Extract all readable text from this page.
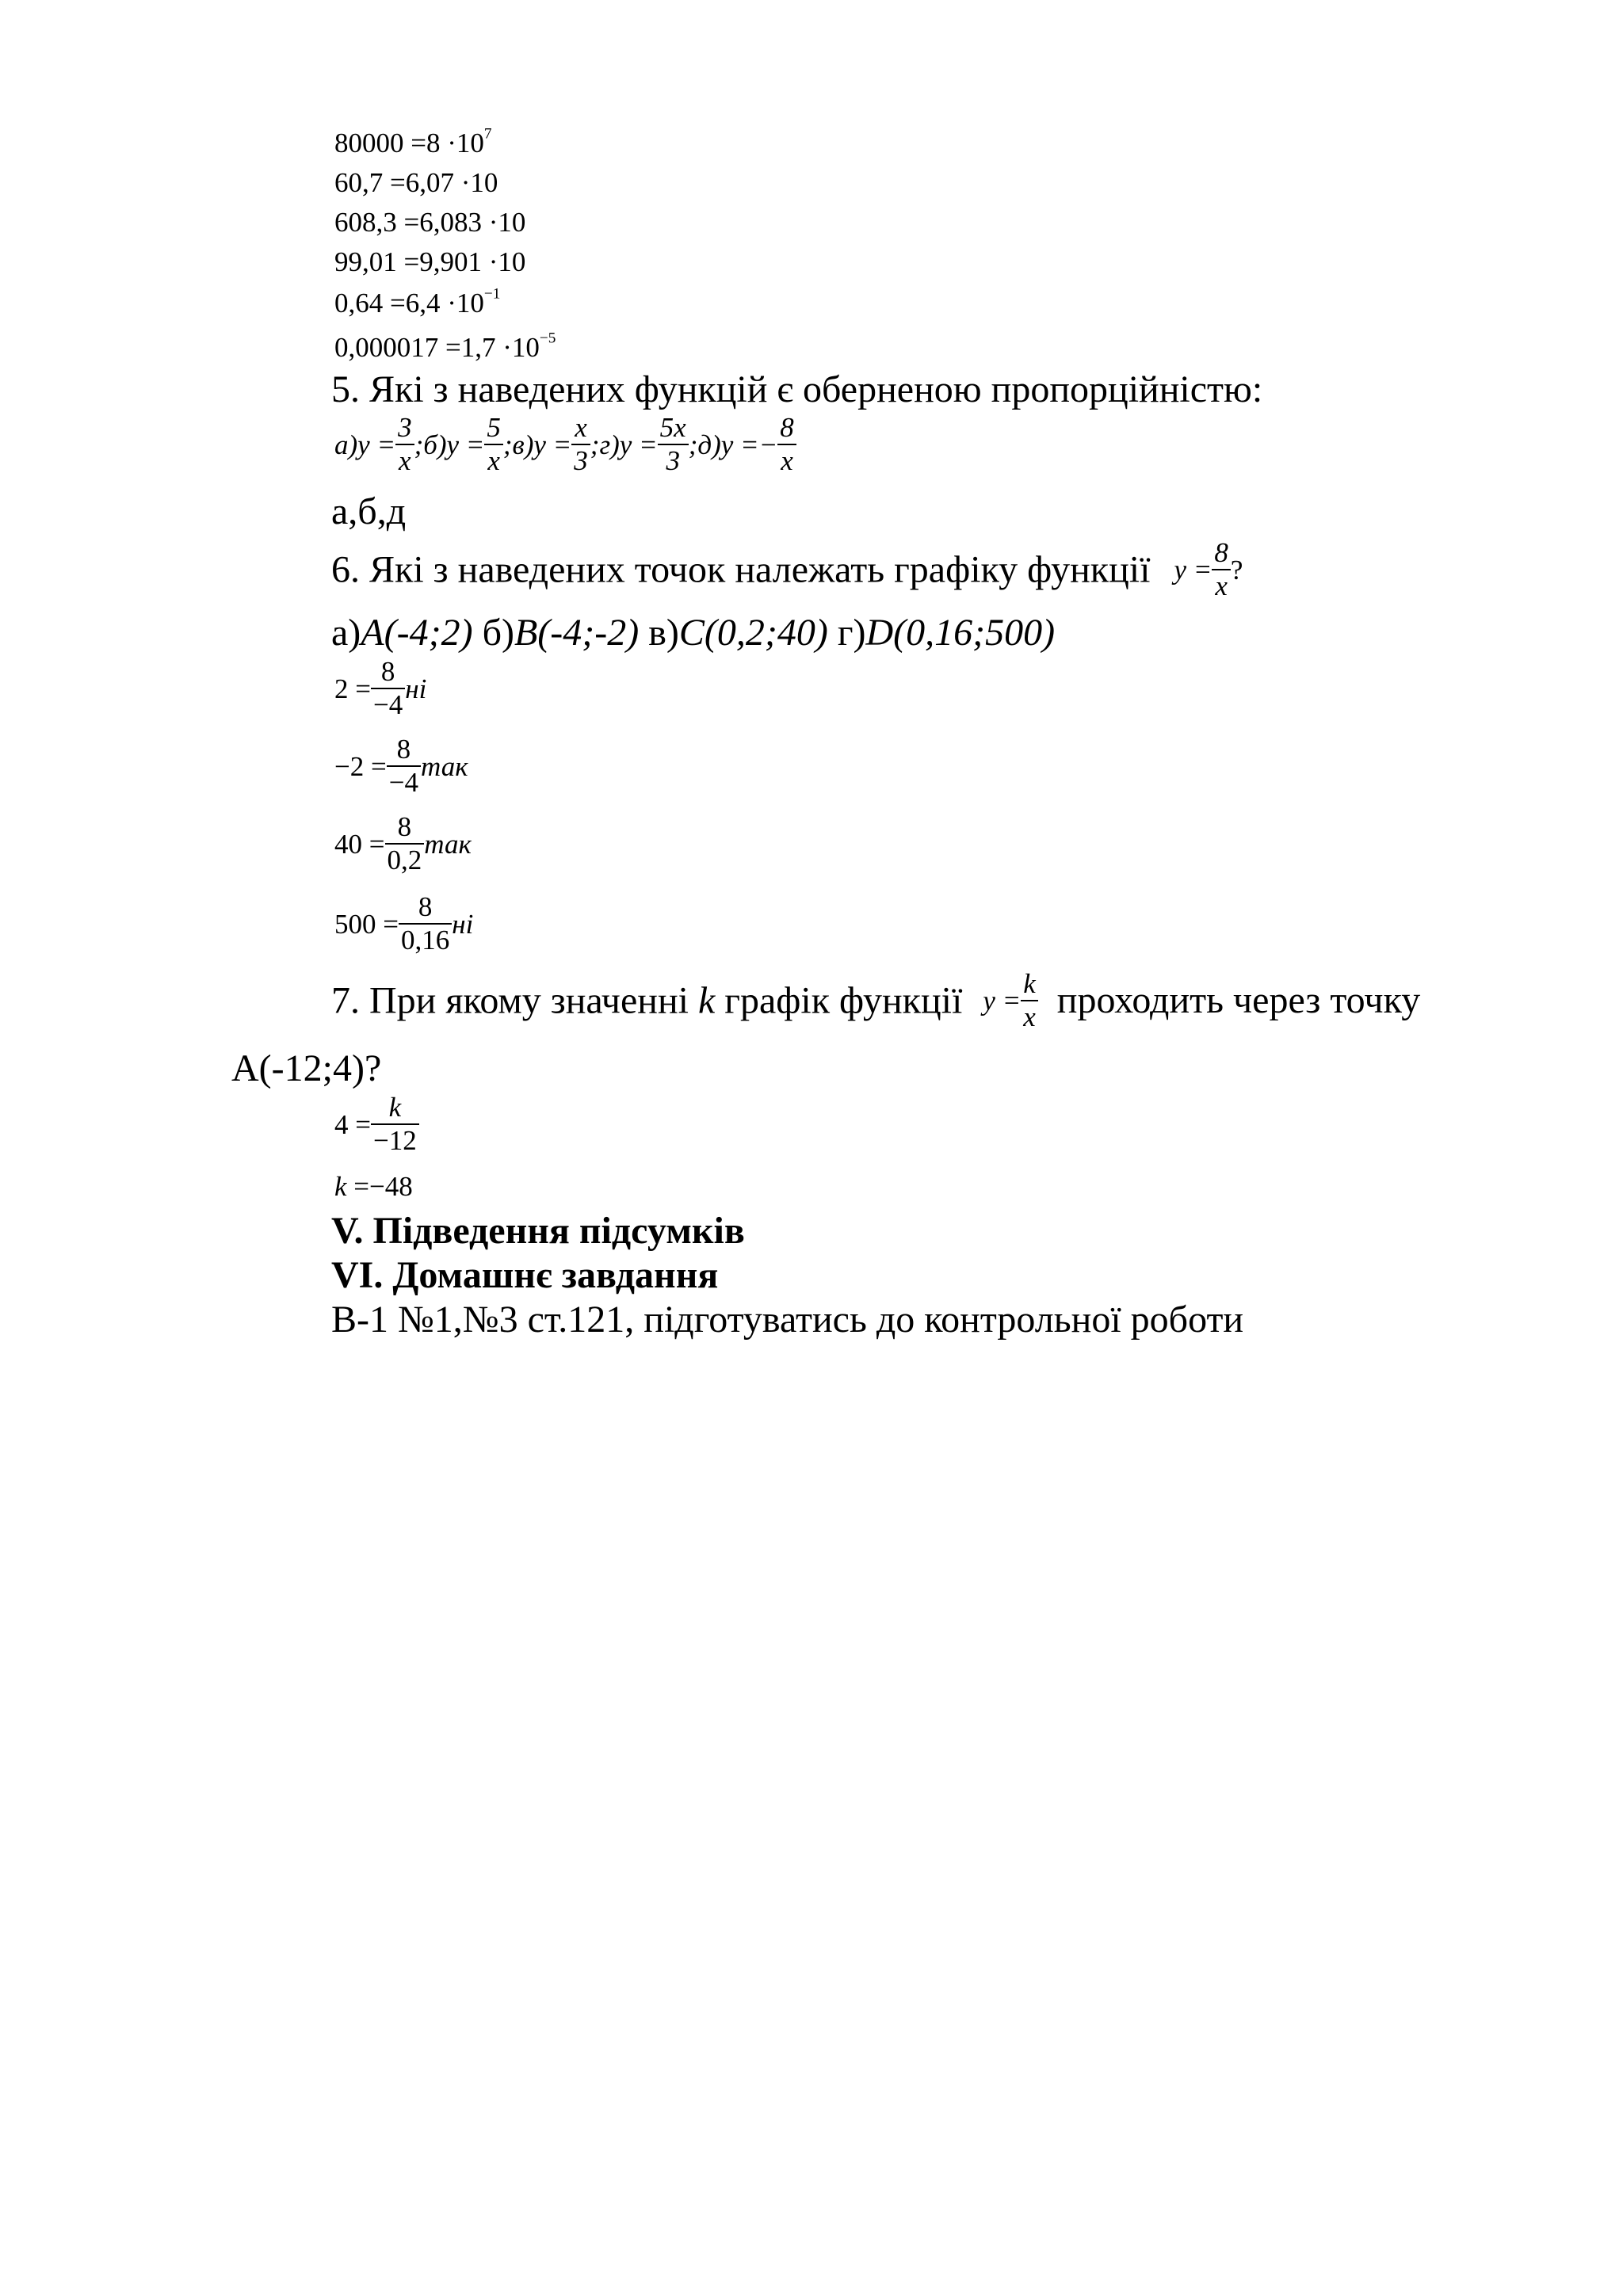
$80000 =8 \cdot 10^7$
60,7 =6,07 ·10
608,3 =6,083 ·10
99,01 =9,901 ·10
$0,64 =6,4 \cdot 10^{-1}$
$0,000017 =1,7 \cdot 10^{-5}$
5. Які з наведених функцій є оберненою пропорційністю:
$а)y = \frac{3}{x}$ ;б)y = $\frac{5}{x}$ ;в)y = $\frac{x}{3}$ ;г)y = $\frac{5x}{3}$ ;д)y =− $\frac{8}{x}$
а,б,д
6. Які з наведених точок належать графіку функції $y = \frac{8}{x}$ ?
а)A(-4;2) б)B(-4;-2) в)C(0,2;40) г)D(0,16;500)
$2 = \frac{8}{-4}$ ні
$-2 = \frac{8}{-4}$ так
$40 = \frac{8}{0,2}$ так
$500 = \frac{8}{0,16}$ ні
7. При якому значенні k графік функції $y = \frac{k}{x}$ проходить через точку
A(-12;4)?
$4 = \frac{k}{-12}$
k =−48
V. Підведення підсумків
VI. Домашнє завдання
В-1 №1,№3 ст.121, підготуватись до контрольної роботи
